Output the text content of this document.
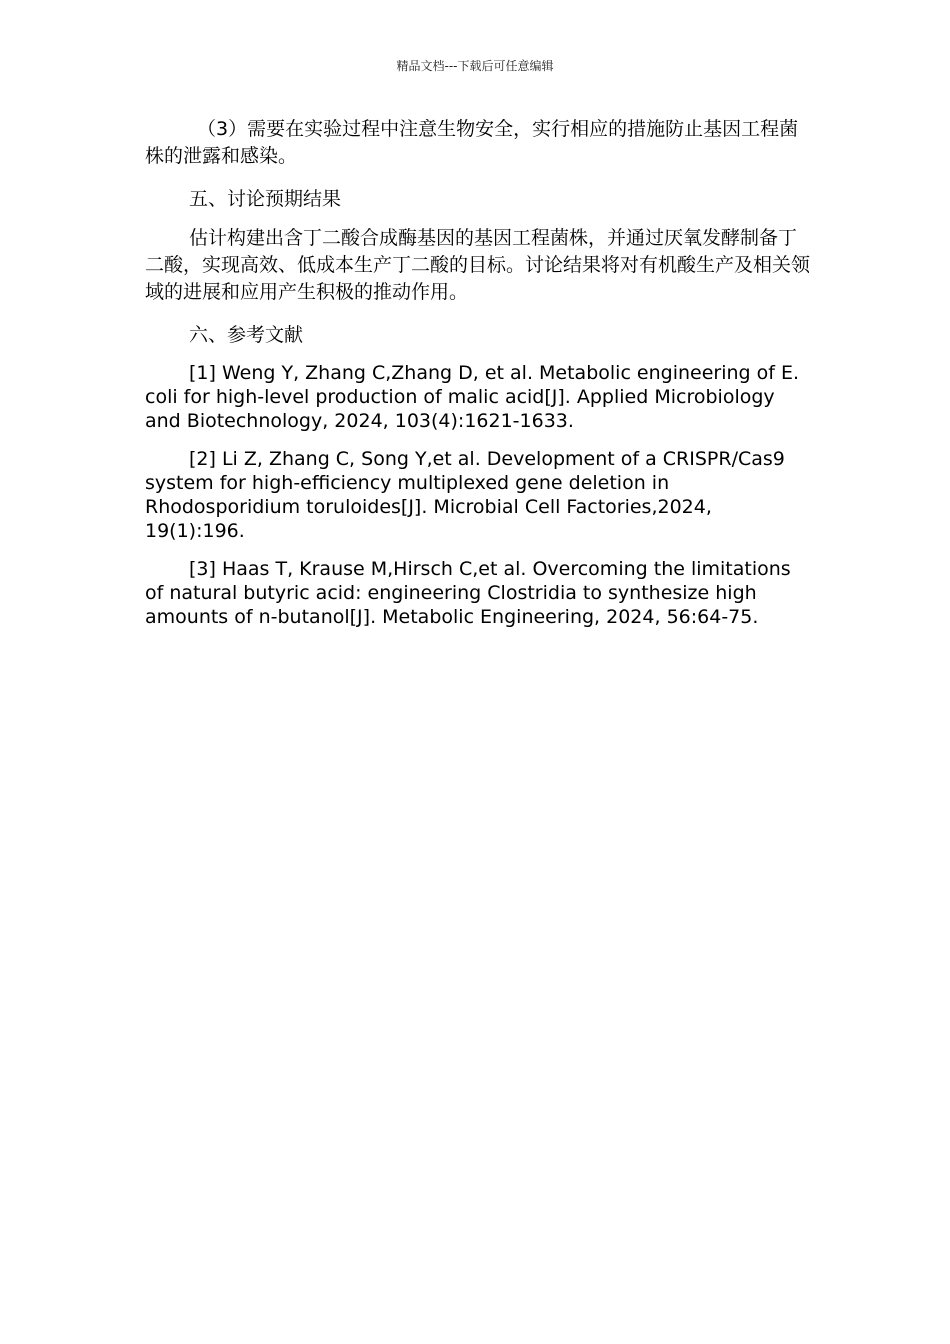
精品文档---下载后可任意编辑

（3）需要在实验过程中注意生物安全，实行相应的措施防止基因工程菌株的泄露和感染。

五、讨论预期结果

估计构建出含丁二酸合成酶基因的基因工程菌株，并通过厌氧发酵制备丁二酸，实现高效、低成本生产丁二酸的目标。讨论结果将对有机酸生产及相关领域的进展和应用产生积极的推动作用。

六、参考文献

[1] Weng Y, Zhang C,Zhang D, et al. Metabolic engineering of E. coli for high-level production of malic acid[J]. Applied Microbiology and Biotechnology, 2024, 103(4):1621-1633.

[2] Li Z, Zhang C, Song Y,et al. Development of a CRISPR/Cas9 system for high-efficiency multiplexed gene deletion in Rhodosporidium toruloides[J]. Microbial Cell Factories,2024, 19(1):196.

[3] Haas T, Krause M,Hirsch C,et al. Overcoming the limitations of natural butyric acid: engineering Clostridia to synthesize high amounts of n-butanol[J]. Metabolic Engineering, 2024, 56:64-75.
